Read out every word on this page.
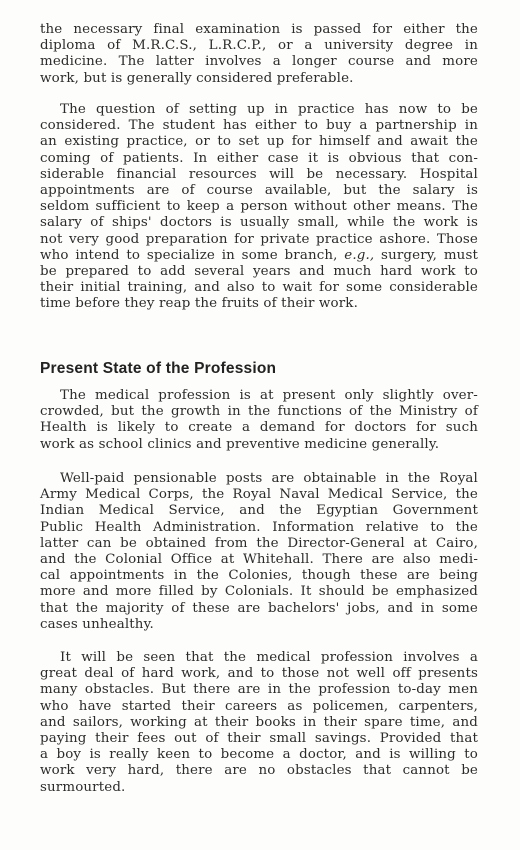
the necessary final examination is passed for either the
diploma of M.R.C.S., L.R.C.P., or a university degree in
medicine. The latter involves a longer course and more
work, but is generally considered preferable.
The question of setting up in practice has now to be
considered. The student has either to buy a partnership in
an existing practice, or to set up for himself and await the
coming of patients. In either case it is obvious that con-
siderable financial resources will be necessary. Hospital
appointments are of course available, but the salary is
seldom sufficient to keep a person without other means. The
salary of ships' doctors is usually small, while the work is
not very good preparation for private practice ashore. Those
who intend to specialize in some branch, e.g., surgery, must
be prepared to add several years and much hard work to
their initial training, and also to wait for some considerable
time before they reap the fruits of their work.
Present State of the Profession
The medical profession is at present only slightly over-
crowded, but the growth in the functions of the Ministry of
Health is likely to create a demand for doctors for such
work as school clinics and preventive medicine generally.
Well-paid pensionable posts are obtainable in the Royal
Army Medical Corps, the Royal Naval Medical Service, the
Indian Medical Service, and the Egyptian Government
Public Health Administration. Information relative to the
latter can be obtained from the Director-General at Cairo,
and the Colonial Office at Whitehall. There are also medi-
cal appointments in the Colonies, though these are being
more and more filled by Colonials. It should be emphasized
that the majority of these are bachelors' jobs, and in some
cases unhealthy.
It will be seen that the medical profession involves a
great deal of hard work, and to those not well off presents
many obstacles. But there are in the profession to-day men
who have started their careers as policemen, carpenters,
and sailors, working at their books in their spare time, and
paying their fees out of their small savings. Provided that
a boy is really keen to become a doctor, and is willing to
work very hard, there are no obstacles that cannot be
surmourted.
